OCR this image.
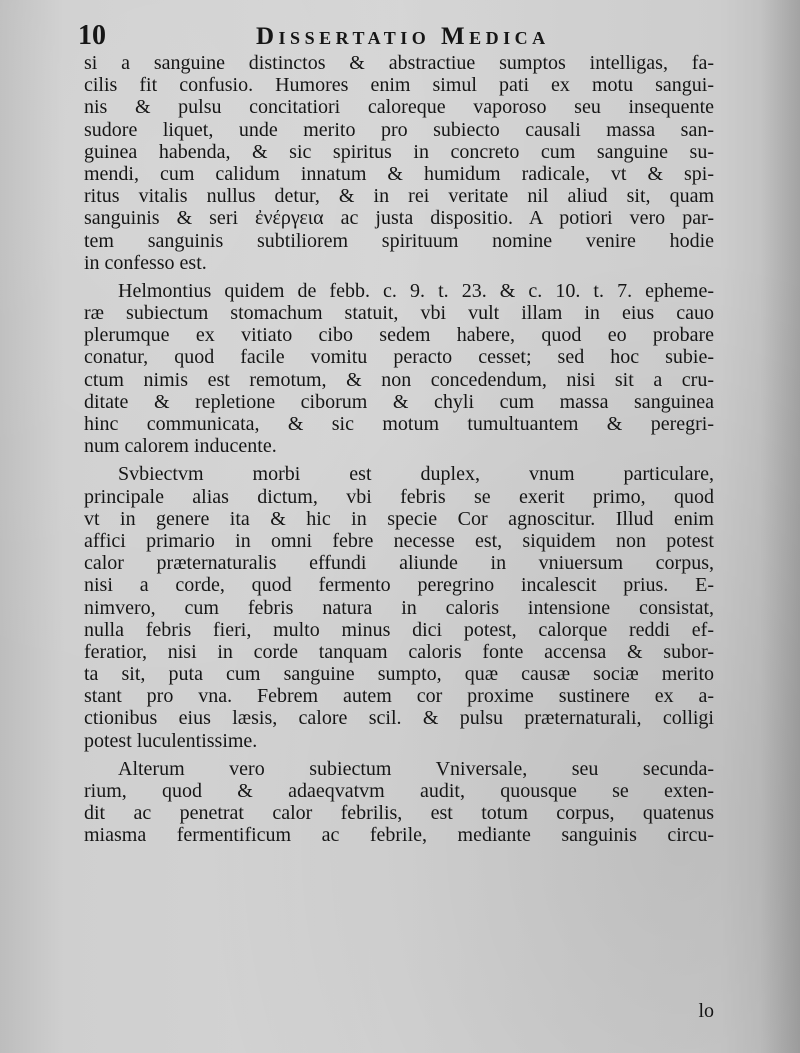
10	Dissertatio Medica
si a sanguine distinctos & abstractiue sumptos intelligas, fa-
cilis fit confusio. Humores enim simul pati ex motu sangui-
nis & pulsu concitatiori caloreque vaporoso seu insequente
sudore liquet, unde merito pro subiecto causali massa san-
guinea habenda, & sic spiritus in concreto cum sanguine su-
mendi, cum calidum innatum & humidum radicale, vt & spi-
ritus vitalis nullus detur, & in rei veritate nil aliud sit, quam
sanguinis & seri ἐνέργεια ac justa dispositio. A potiori vero par-
tem sanguinis subtiliorem spirituum nomine venire hodie
in confesso est.
Helmontius quidem de febb. c. 9. t. 23. & c. 10. t. 7. epheme-
ræ subiectum stomachum statuit, vbi vult illam in eius cauo
plerumque ex vitiato cibo sedem habere, quod eo probare
conatur, quod facile vomitu peracto cesset; sed hoc subie-
ctum nimis est remotum, & non concedendum, nisi sit a cru-
ditate & repletione ciborum & chyli cum massa sanguinea
hinc communicata, & sic motum tumultuantem & peregri-
num calorem inducente.
Svbiectvm morbi est duplex, vnum particulare,
principale alias dictum, vbi febris se exerit primo, quod
vt in genere ita & hic in specie Cor agnoscitur. Illud enim
affici primario in omni febre necesse est, siquidem non potest
calor præternaturalis effundi aliunde in vniuersum corpus,
nisi a corde, quod fermento peregrino incalescit prius. E-
nimvero, cum febris natura in caloris intensione consistat,
nulla febris fieri, multo minus dici potest, calorque reddi ef-
feratior, nisi in corde tanquam caloris fonte accensa & subor-
ta sit, puta cum sanguine sumpto, quæ causæ sociæ merito
stant pro vna. Febrem autem cor proxime sustinere ex a-
ctionibus eius læsis, calore scil. & pulsu præternaturali, colligi
potest luculentissime.
Alterum vero subiectum Vniversale, seu secunda-
rium, quod & adaeqvatvm audit, quousque se exten-
dit ac penetrat calor febrilis, est totum corpus, quatenus
miasma fermentificum ac febrile, mediante sanguinis circu-
lo
